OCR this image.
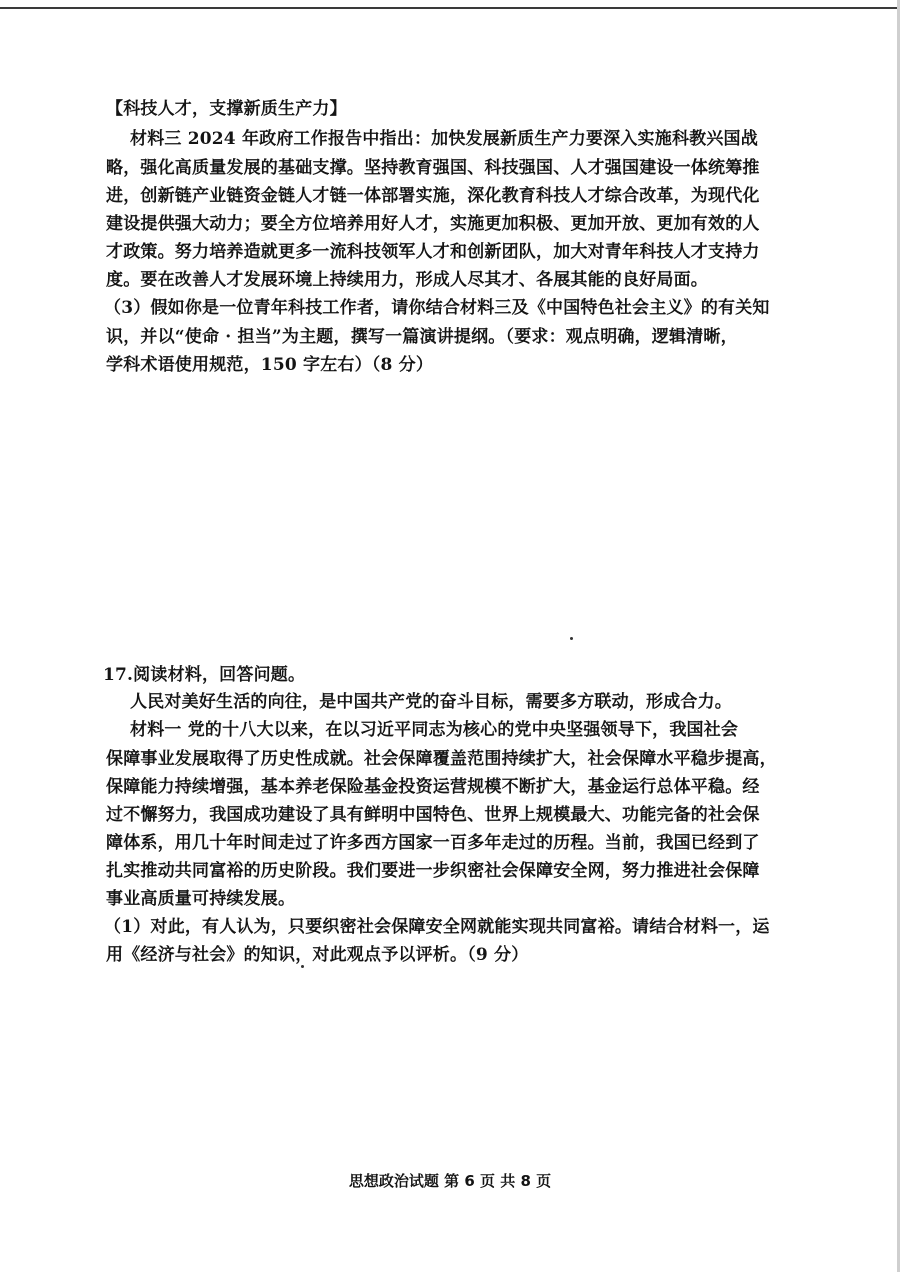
【科技人才，支撑新质生产力】
材料三 2024 年政府工作报告中指出：加快发展新质生产力要深入实施科教兴国战
略，强化高质量发展的基础支撑。坚持教育强国、科技强国、人才强国建设一体统筹推
进，创新链产业链资金链人才链一体部署实施，深化教育科技人才综合改革，为现代化
建设提供强大动力；要全方位培养用好人才，实施更加积极、更加开放、更加有效的人
才政策。努力培养造就更多一流科技领军人才和创新团队，加大对青年科技人才支持力
度。要在改善人才发展环境上持续用力，形成人尽其才、各展其能的良好局面。
（3）假如你是一位青年科技工作者，请你结合材料三及《中国特色社会主义》的有关知
识，并以“使命 · 担当”为主题，撰写一篇演讲提纲。（要求：观点明确，逻辑清晰，
学科术语使用规范，150 字左右）（8 分）
17.阅读材料，回答问题。
人民对美好生活的向往，是中国共产党的奋斗目标，需要多方联动，形成合力。
材料一 党的十八大以来，在以习近平同志为核心的党中央坚强领导下，我国社会
保障事业发展取得了历史性成就。社会保障覆盖范围持续扩大，社会保障水平稳步提高，
保障能力持续增强，基本养老保险基金投资运营规模不断扩大，基金运行总体平稳。经
过不懈努力，我国成功建设了具有鲜明中国特色、世界上规模最大、功能完备的社会保
障体系，用几十年时间走过了许多西方国家一百多年走过的历程。当前，我国已经到了
扎实推动共同富裕的历史阶段。我们要进一步织密社会保障安全网，努力推进社会保障
事业高质量可持续发展。
（1）对此，有人认为，只要织密社会保障安全网就能实现共同富裕。请结合材料一，运
用《经济与社会》的知识，对此观点予以评析。（9 分）
思想政治试题 第 6 页 共 8 页
